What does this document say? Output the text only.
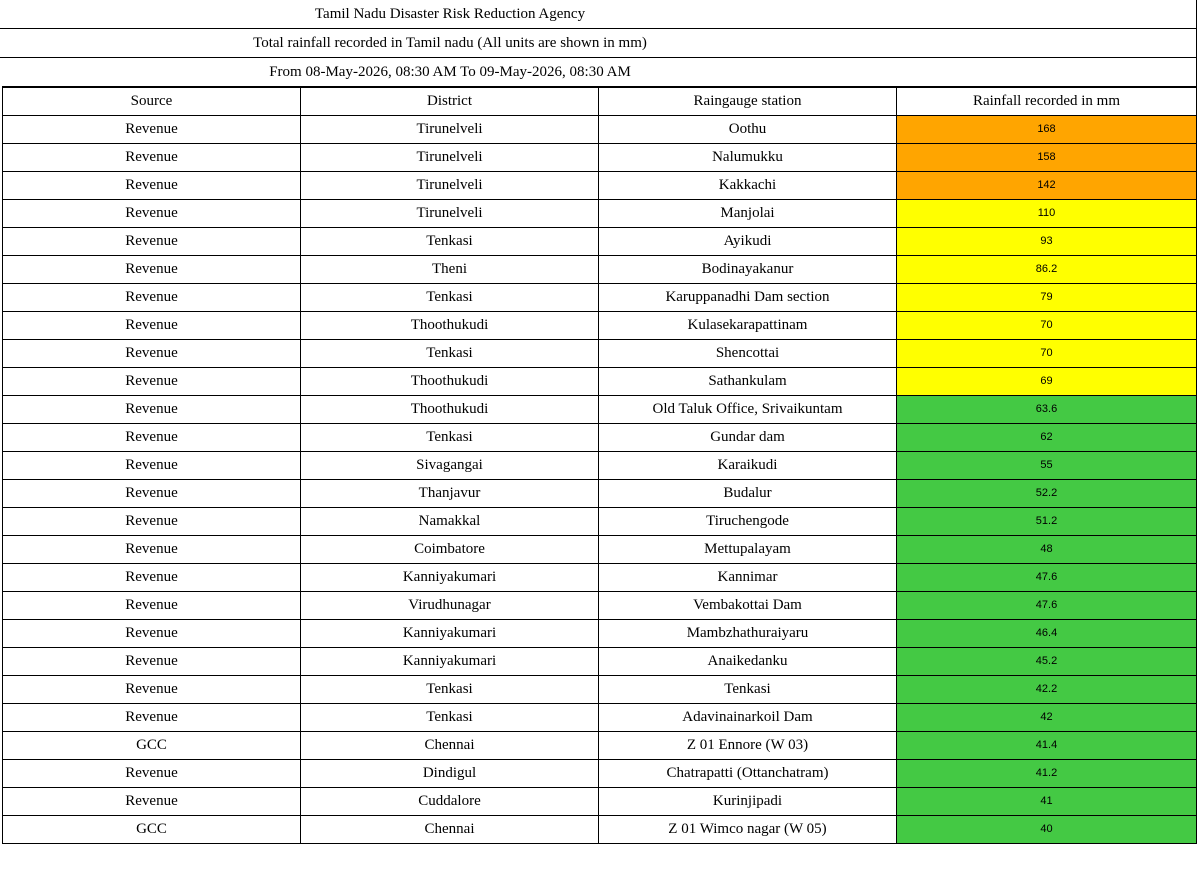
Tamil Nadu Disaster Risk Reduction Agency
Total rainfall recorded in Tamil nadu (All units are shown in mm)
From 08-May-2026, 08:30 AM To 09-May-2026, 08:30 AM
Source	District	Raingauge station	Rainfall recorded in mm
Revenue	Tirunelveli	Oothu	168
Revenue	Tirunelveli	Nalumukku	158
Revenue	Tirunelveli	Kakkachi	142
Revenue	Tirunelveli	Manjolai	110
Revenue	Tenkasi	Ayikudi	93
Revenue	Theni	Bodinayakanur	86.2
Revenue	Tenkasi	Karuppanadhi Dam section	79
Revenue	Thoothukudi	Kulasekarapattinam	70
Revenue	Tenkasi	Shencottai	70
Revenue	Thoothukudi	Sathankulam	69
Revenue	Thoothukudi	Old Taluk Office, Srivaikuntam	63.6
Revenue	Tenkasi	Gundar dam	62
Revenue	Sivagangai	Karaikudi	55
Revenue	Thanjavur	Budalur	52.2
Revenue	Namakkal	Tiruchengode	51.2
Revenue	Coimbatore	Mettupalayam	48
Revenue	Kanniyakumari	Kannimar	47.6
Revenue	Virudhunagar	Vembakottai Dam	47.6
Revenue	Kanniyakumari	Mambzhathuraiyaru	46.4
Revenue	Kanniyakumari	Anaikedanku	45.2
Revenue	Tenkasi	Tenkasi	42.2
Revenue	Tenkasi	Adavinainarkoil Dam	42
GCC	Chennai	Z 01 Ennore (W 03)	41.4
Revenue	Dindigul	Chatrapatti (Ottanchatram)	41.2
Revenue	Cuddalore	Kurinjipadi	41
GCC	Chennai	Z 01 Wimco nagar (W 05)	40
